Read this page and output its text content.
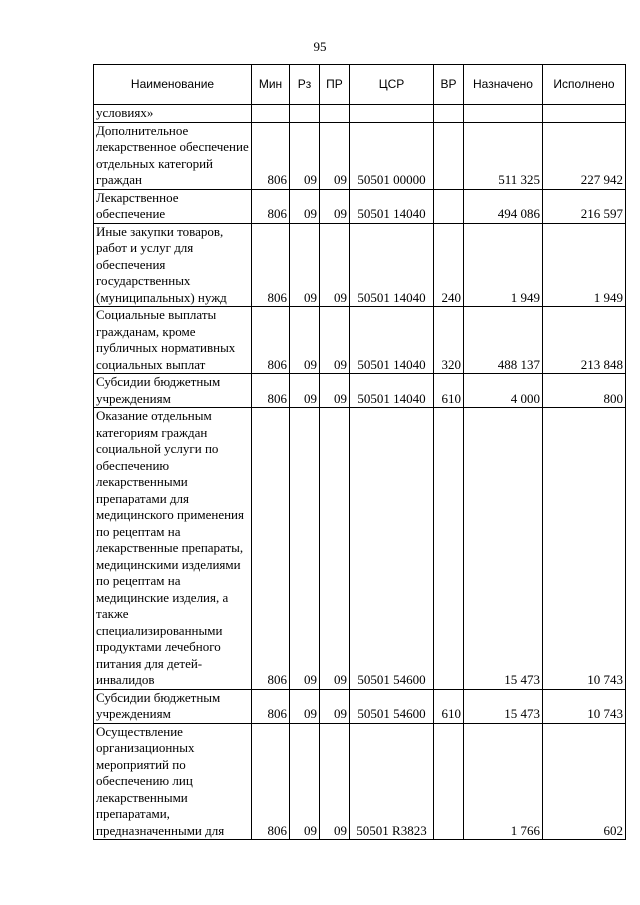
95
Наименование	Мин	Рз	ПР	ЦСР	ВР	Назначено	Исполнено
условиях»							
Дополнительное лекарственное обеспечение отдельных категорий граждан	806	09	09	50501 00000		511 325	227 942
Лекарственное обеспечение	806	09	09	50501 14040		494 086	216 597
Иные закупки товаров, работ и услуг для обеспечения государственных (муниципальных) нужд	806	09	09	50501 14040	240	1 949	1 949
Социальные выплаты гражданам, кроме публичных нормативных социальных выплат	806	09	09	50501 14040	320	488 137	213 848
Субсидии бюджетным учреждениям	806	09	09	50501 14040	610	4 000	800
Оказание отдельным категориям граждан социальной услуги по обеспечению лекарственными препаратами для медицинского применения по рецептам на лекарственные препараты, медицинскими изделиями по рецептам на медицинские изделия, а также специализированными продуктами лечебного питания для детей-инвалидов	806	09	09	50501 54600		15 473	10 743
Субсидии бюджетным учреждениям	806	09	09	50501 54600	610	15 473	10 743
Осуществление организационных мероприятий по обеспечению лиц лекарственными препаратами, предназначенными для	806	09	09	50501 R3823		1 766	602
